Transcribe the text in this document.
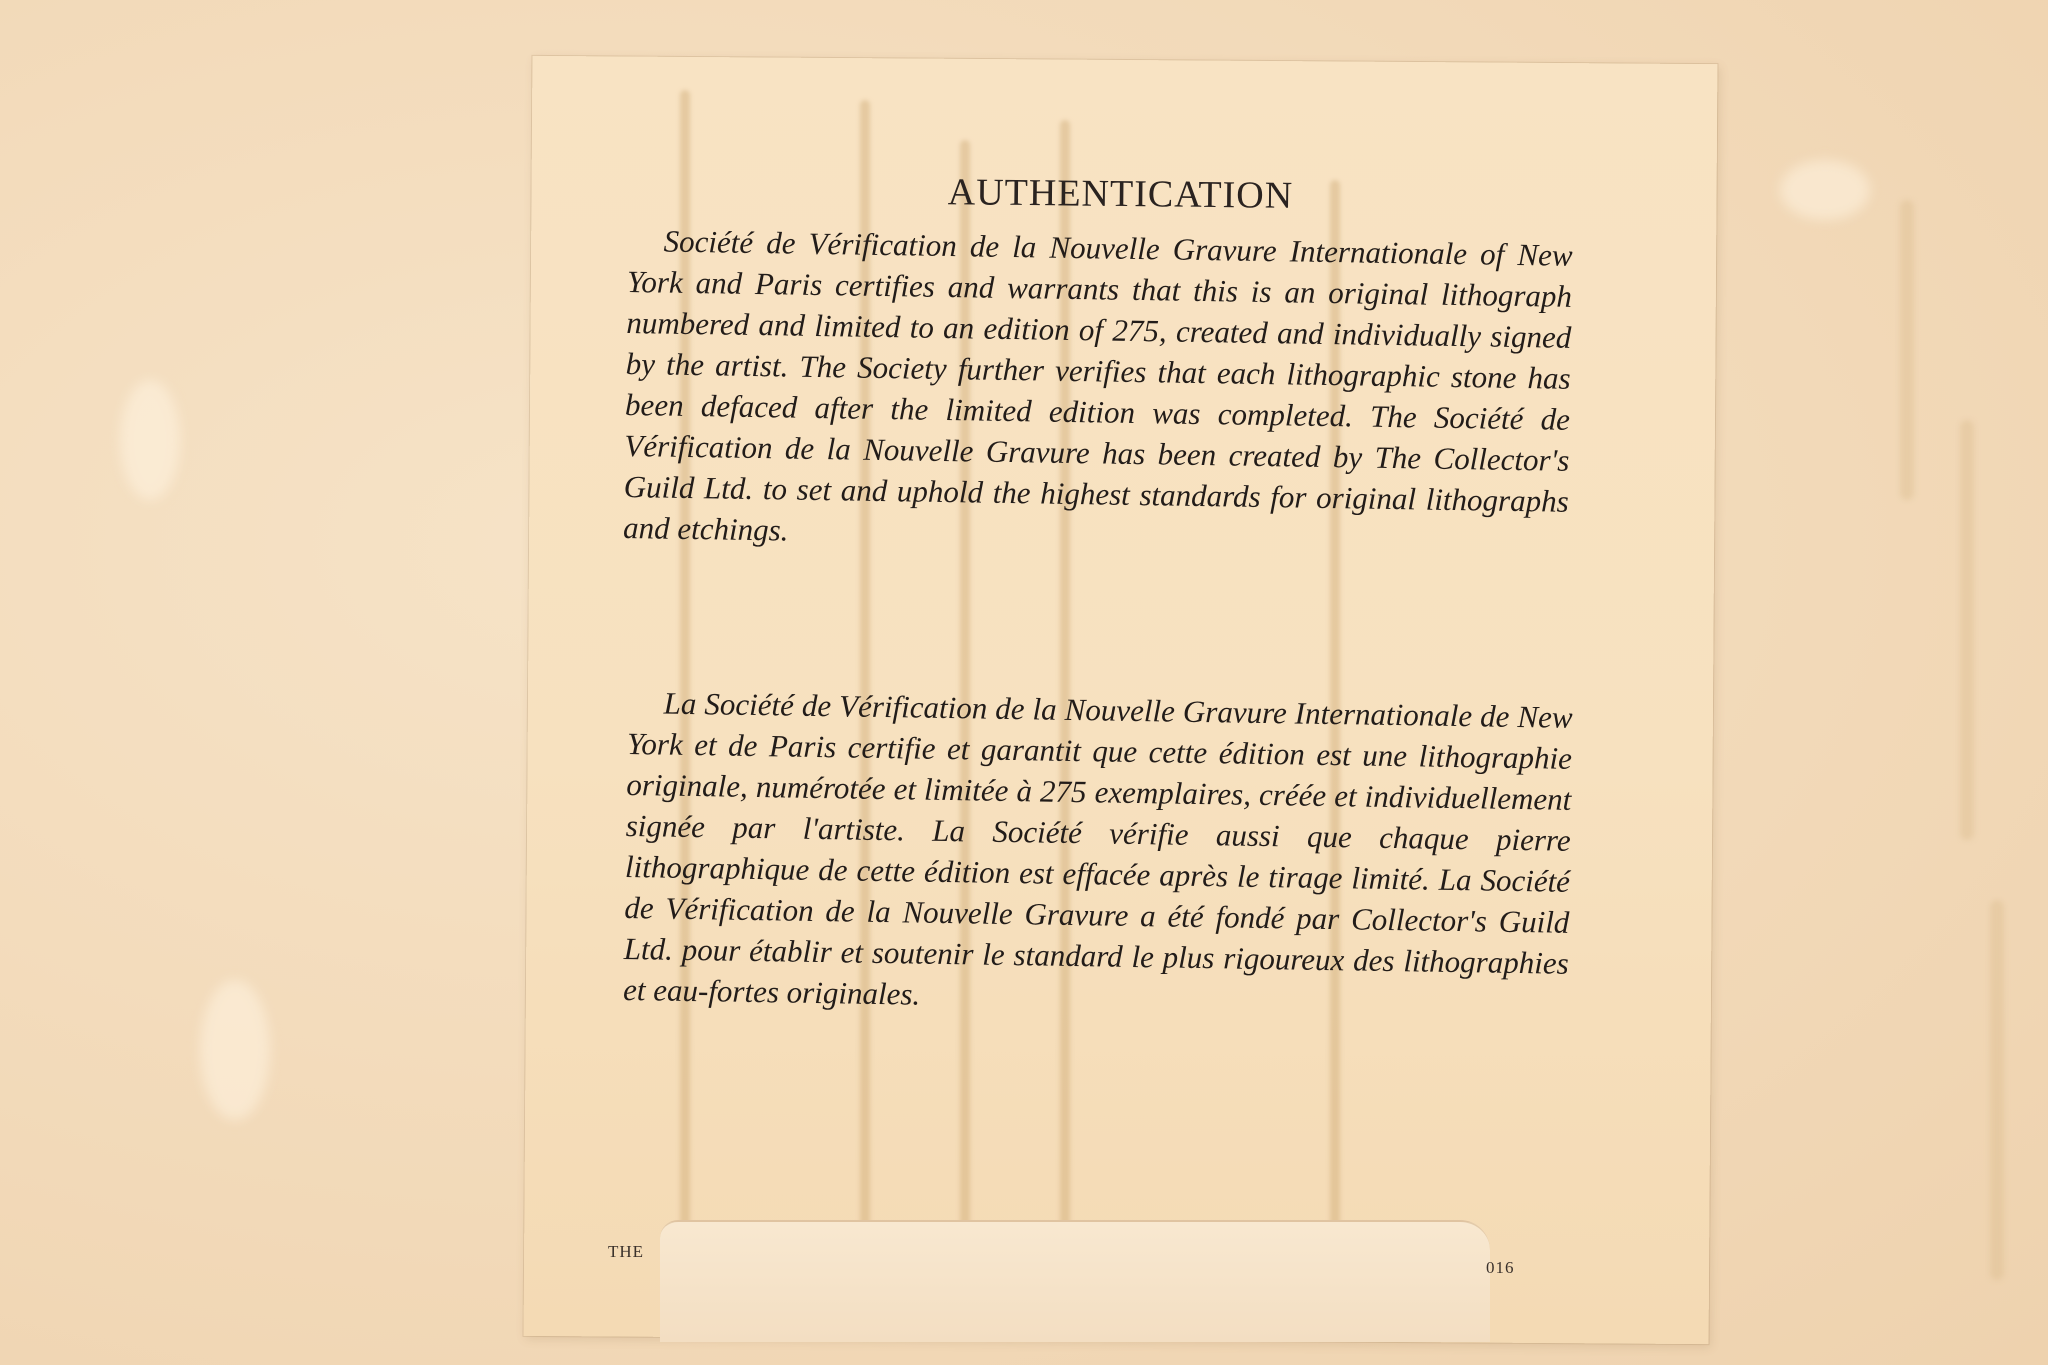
AUTHENTICATION
Société de Vérification de la Nouvelle Gravure Internationale of New York and Paris certifies and warrants that this is an original lithograph numbered and limited to an edition of 275, created and individually signed by the artist. The Society further verifies that each lithographic stone has been defaced after the limited edition was completed. The Société de Vérification de la Nouvelle Gravure has been created by The Collector's Guild Ltd. to set and uphold the highest standards for original lithographs and etchings.
La Société de Vérification de la Nouvelle Gravure Internationale de New York et de Paris certifie et garantit que cette édition est une lithographie originale, numérotée et limitée à 275 exemplaires, créée et individuellement signée par l'artiste. La Société vérifie aussi que chaque pierre lithographique de cette édition est effacée après le tirage limité. La Société de Vérification de la Nouvelle Gravure a été fondé par Collector's Guild Ltd. pour établir et soutenir le standard le plus rigoureux des lithographies et eau-fortes originales.
THE
016
